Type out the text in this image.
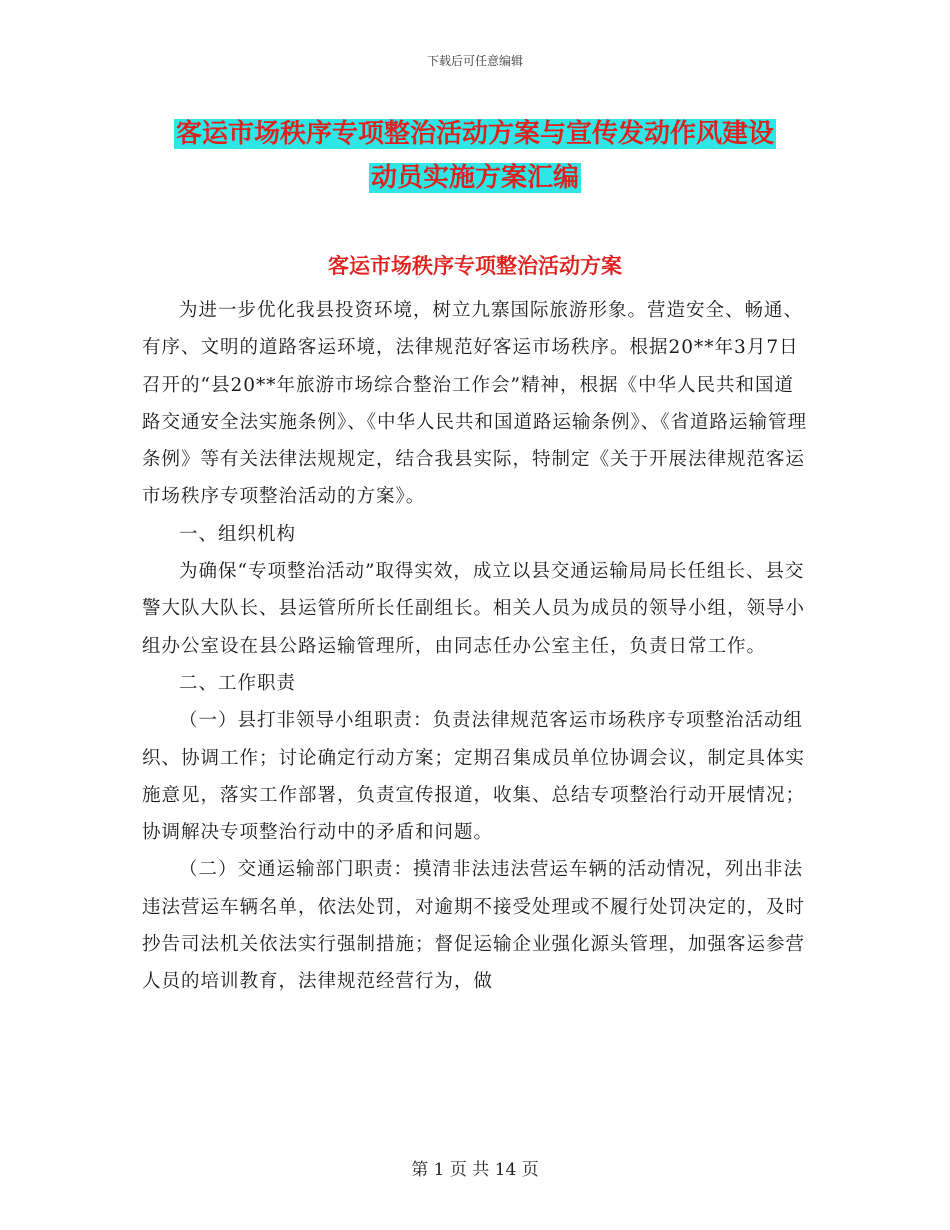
下载后可任意编辑
客运市场秩序专项整治活动方案与宣传发动作风建设
动员实施方案汇编
客运市场秩序专项整治活动方案

为进一步优化我县投资环境，树立九寨国际旅游形象。营造安全、畅通、有序、文明的道路客运环境，法律规范好客运市场秩序。根据20**年3月7日召开的“县20**年旅游市场综合整治工作会”精神，根据《中华人民共和国道路交通安全法实施条例》、《中华人民共和国道路运输条例》、《省道路运输管理条例》等有关法律法规规定，结合我县实际，特制定《关于开展法律规范客运市场秩序专项整治活动的方案》。

一、组织机构

为确保“专项整治活动”取得实效，成立以县交通运输局局长任组长、县交警大队大队长、县运管所所长任副组长。相关人员为成员的领导小组，领导小组办公室设在县公路运输管理所，由同志任办公室主任，负责日常工作。

二、工作职责

（一）县打非领导小组职责：负责法律规范客运市场秩序专项整治活动组织、协调工作；讨论确定行动方案；定期召集成员单位协调会议，制定具体实施意见，落实工作部署，负责宣传报道，收集、总结专项整治行动开展情况；协调解决专项整治行动中的矛盾和问题。

（二）交通运输部门职责：摸清非法违法营运车辆的活动情况，列出非法违法营运车辆名单，依法处罚，对逾期不接受处理或不履行处罚决定的，及时抄告司法机关依法实行强制措施；督促运输企业强化源头管理，加强客运参营人员的培训教育，法律规范经营行为，做

第 1 页 共 14 页
